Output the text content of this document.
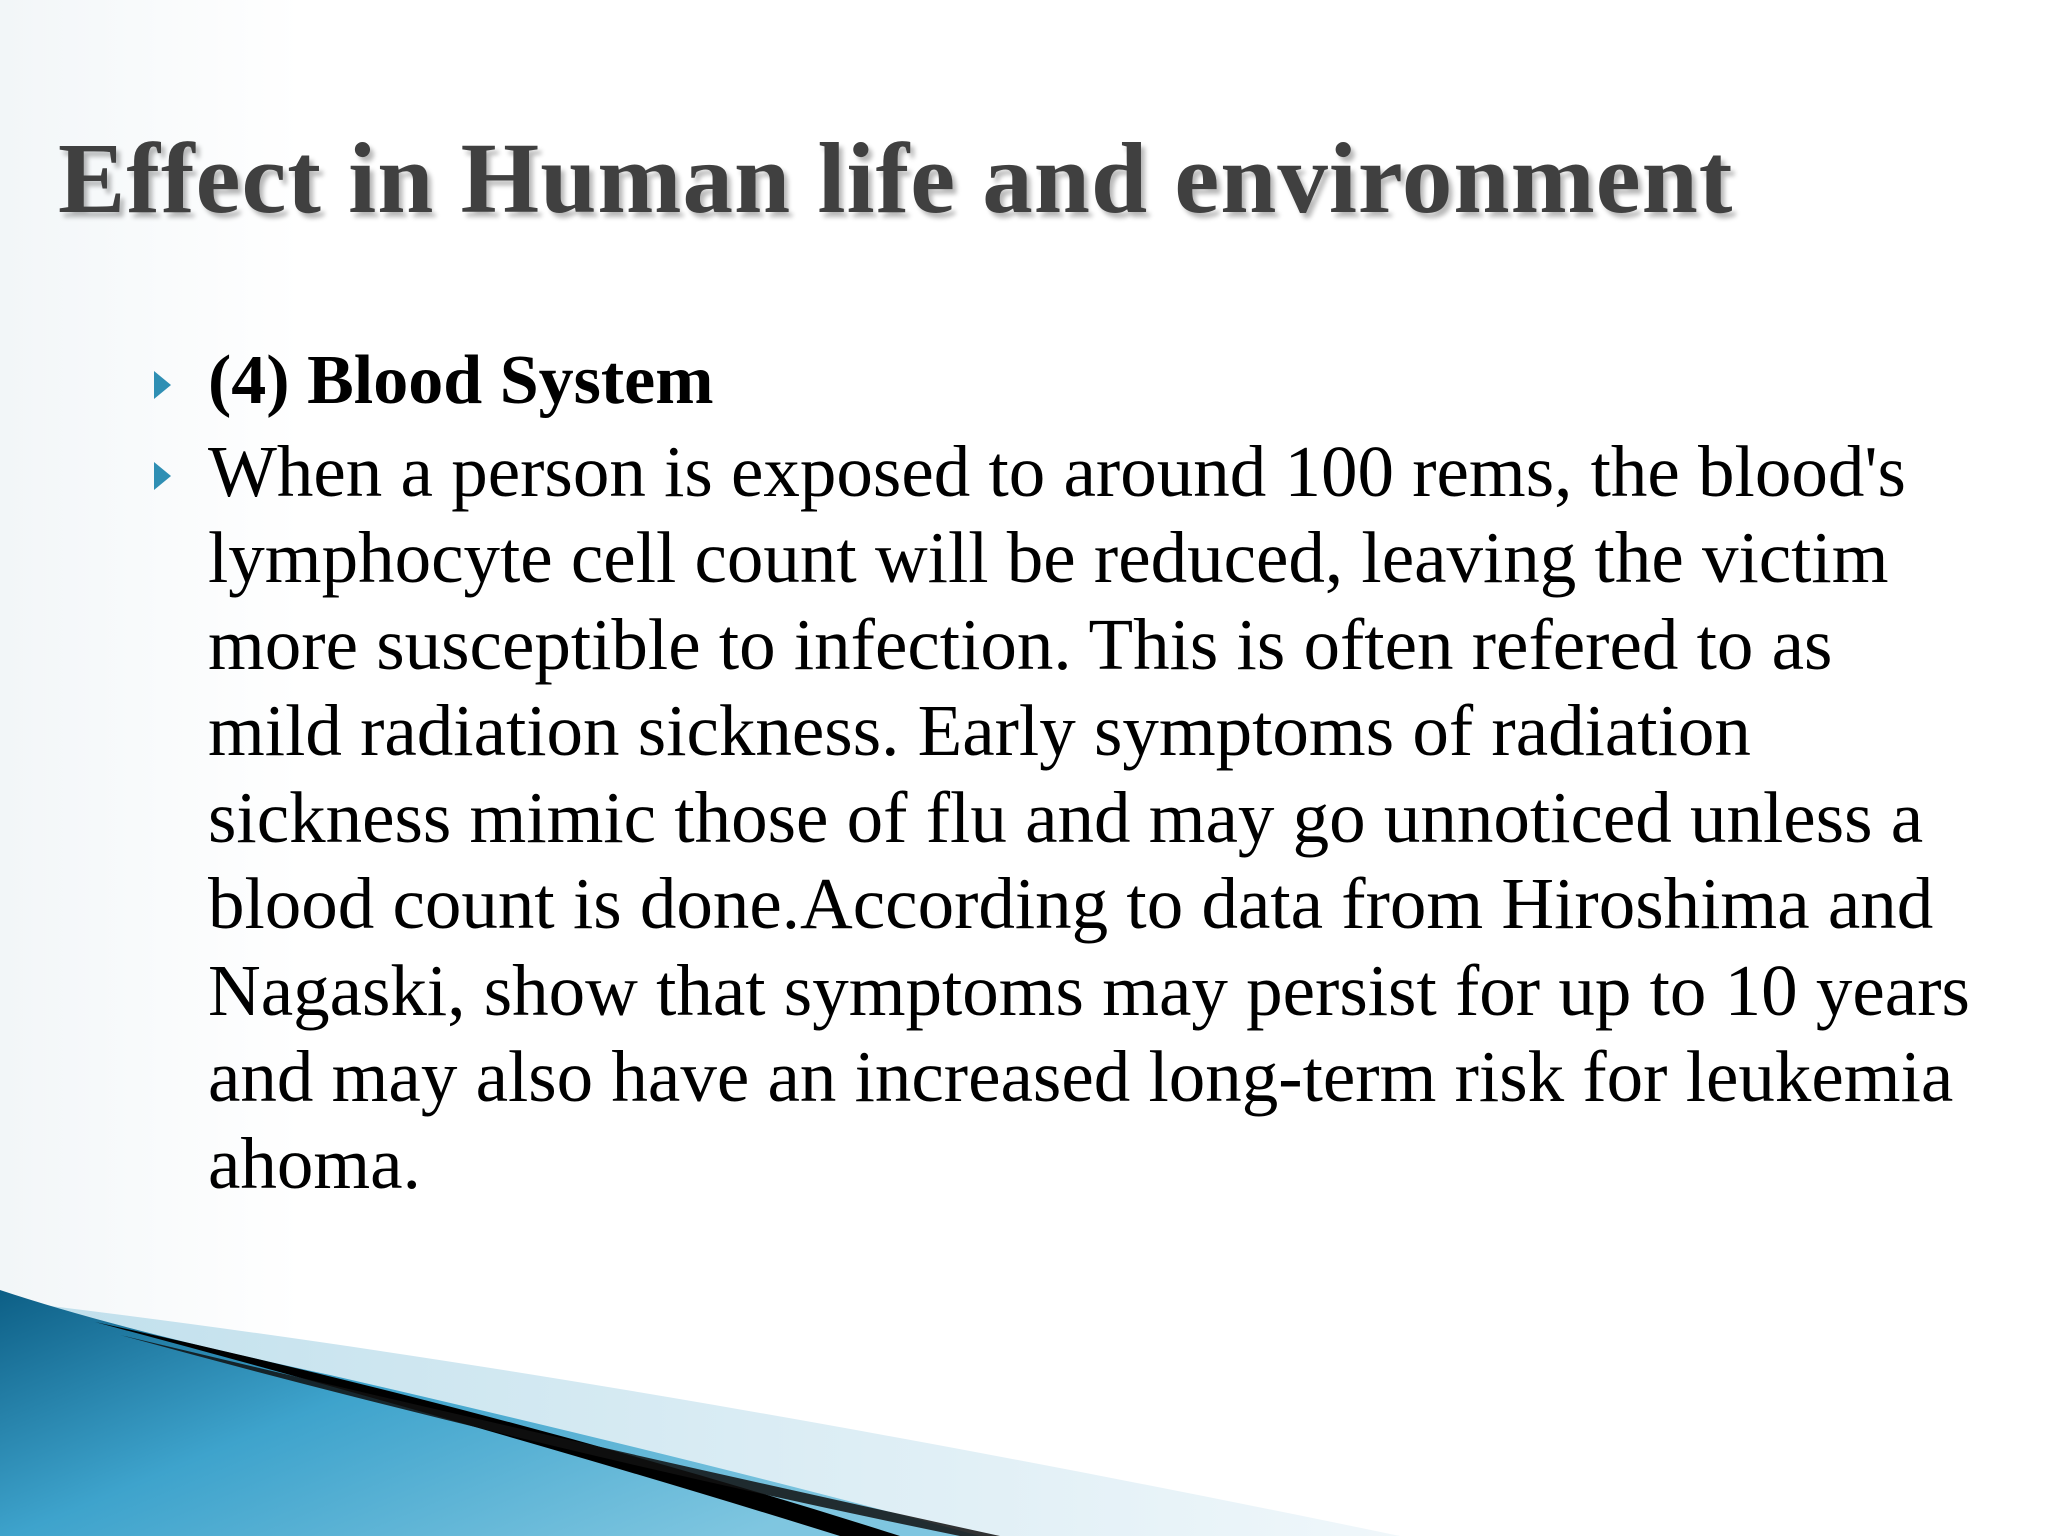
Effect in Human life and environment
(4) Blood System
When a person is exposed to around 100 rems, the blood's lymphocyte cell count will be reduced, leaving the victim more susceptible to infection. This is often refered to as mild radiation sickness. Early symptoms of radiation sickness mimic those of flu and may go unnoticed unless a blood count is done.According to data from Hiroshima and Nagaski, show that symptoms may persist for up to 10 years and may also have an increased long-term risk for leukemia ahoma.
